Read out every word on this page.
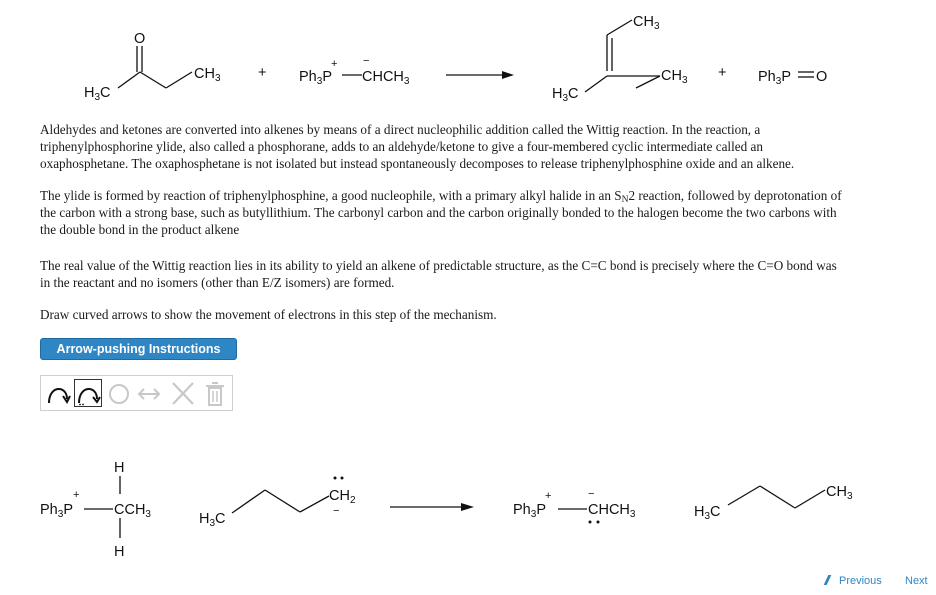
O
$H_3C$
$CH_3$	+ $Ph_3P$
+ −
$CHCH_3$
$CH_3$
$H_3C$
$CH_3 + Ph_3P$ O
Aldehydes and ketones are converted into alkenes by means of a direct nucleophilic addition called the Wittig reaction. In the reaction, a
triphenylphosphorine ylide, also called a phosphorane, adds to an aldehyde/ketone to give a four-membered cyclic intermediate called an
oxaphosphetane. The oxaphosphetane is not isolated but instead spontaneously decomposes to release triphenylphosphine oxide and an alkene.
The ylide is formed by reaction of triphenylphosphine, a good nucleophile, with a primary alkyl halide in an $S_N2$ reaction, followed by deprotonation of
the carbon with a strong base, such as butyllithium. The carbonyl carbon and the carbon originally bonded to the halogen become the two carbons with
the double bond in the product alkene
The real value of the Wittig reaction lies in its ability to yield an alkene of predictable structure, as the C=C bond is precisely where the C=O bond was
in the reactant and no isomers (other than E/Z isomers) are formed.
Draw curved arrows to show the movement of electrons in this step of the mechanism.
Arrow-pushing Instructions
H
$Ph_3P$
+
$CCH_3$
H
$H_3C$
$CH_2$
−	$Ph_3P$
+	−
$CHCH_3$	$H_3C$
$CH_3$
Previous Next
